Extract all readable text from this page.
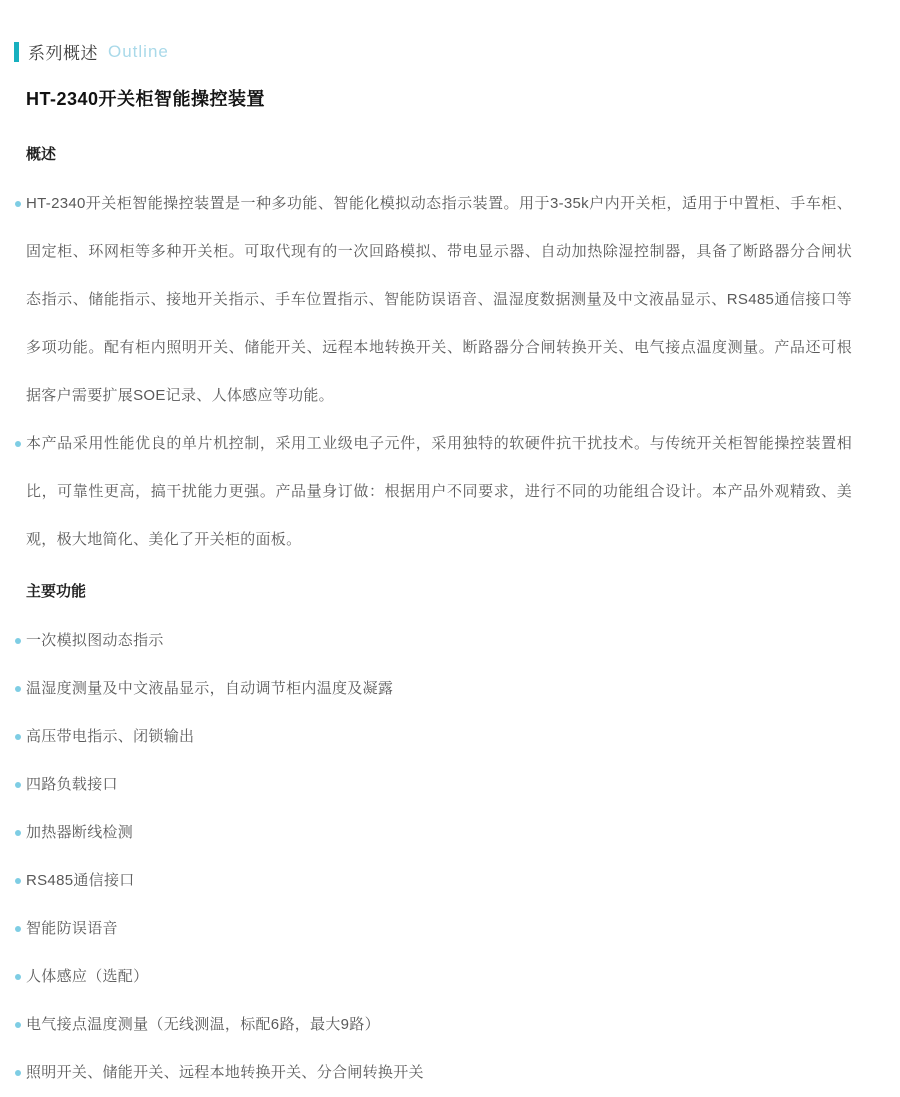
系列概述 Outline
HT-2340开关柜智能操控装置
概述

HT-2340开关柜智能操控装置是一种多功能、智能化模拟动态指示装置。用于3-35k户内开关柜，适用于中置柜、手车柜、固定柜、环网柜等多种开关柜。可取代现有的一次回路模拟、带电显示器、自动加热除湿控制器，具备了断路器分合闸状态指示、储能指示、接地开关指示、手车位置指示、智能防误语音、温湿度数据测量及中文液晶显示、RS485通信接口等多项功能。配有柜内照明开关、储能开关、远程本地转换开关、断路器分合闸转换开关、电气接点温度测量。产品还可根据客户需要扩展SOE记录、人体感应等功能。

本产品采用性能优良的单片机控制，采用工业级电子元件，采用独特的软硬件抗干扰技术。与传统开关柜智能操控装置相比，可靠性更高，搞干扰能力更强。产品量身订做：根据用户不同要求，进行不同的功能组合设计。本产品外观精致、美观，极大地简化、美化了开关柜的面板。

主要功能
一次模拟图动态指示
温湿度测量及中文液晶显示，自动调节柜内温度及凝露
高压带电指示、闭锁输出
四路负载接口
加热器断线检测
RS485通信接口
智能防误语音
人体感应（选配）
电气接点温度测量（无线测温，标配6路，最大9路）
照明开关、储能开关、远程本地转换开关、分合闸转换开关
